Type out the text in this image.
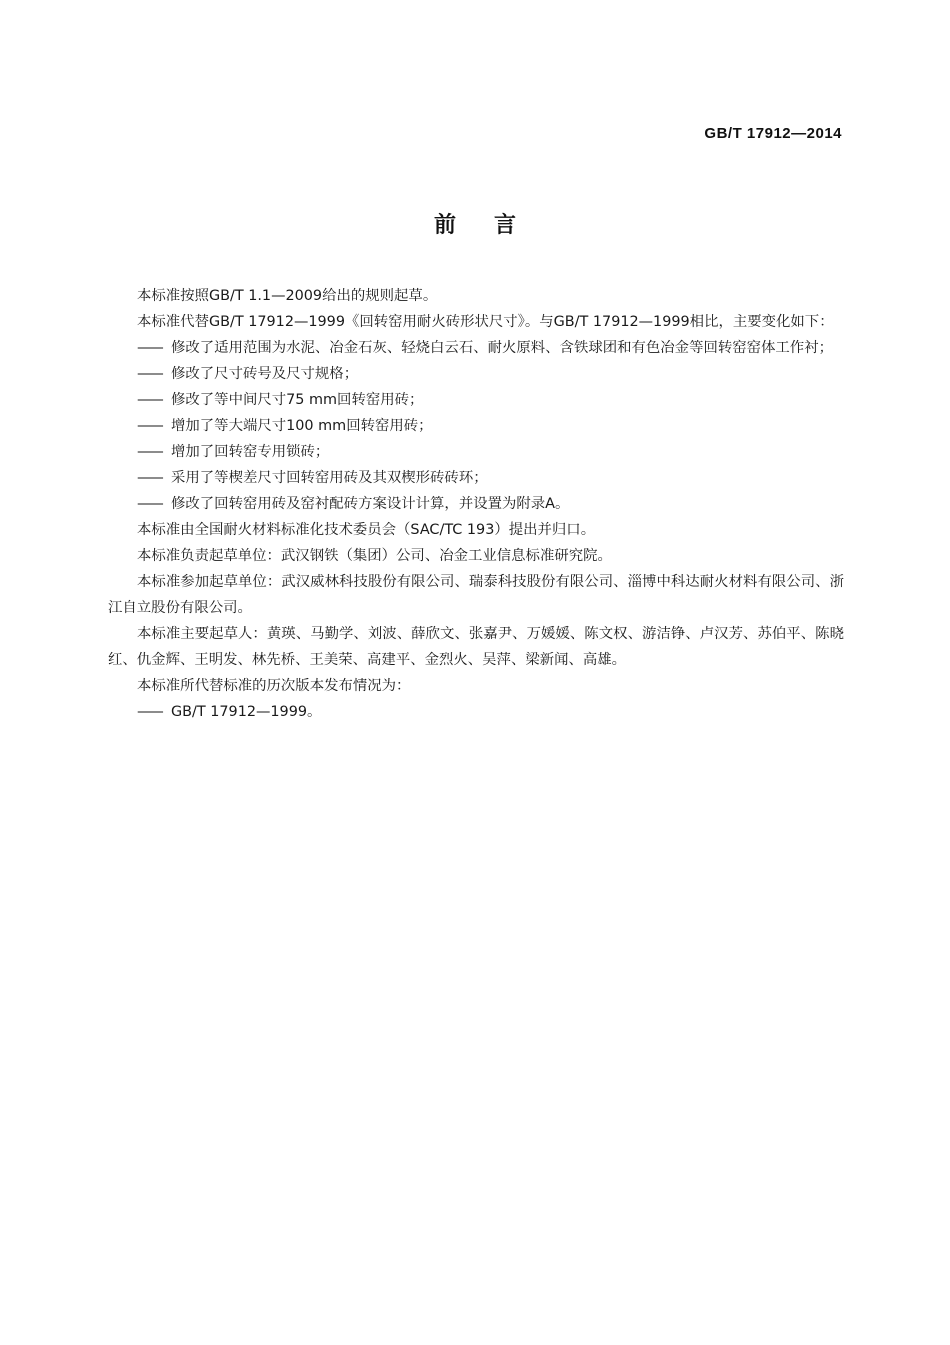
GB/T 17912—2014
前言

本标准按照GB/T 1.1—2009给出的规则起草。

本标准代替GB/T 17912—1999《回转窑用耐火砖形状尺寸》。与GB/T 17912—1999相比，主要变化如下：

—— 修改了适用范围为水泥、冶金石灰、轻烧白云石、耐火原料、含铁球团和有色冶金等回转窑窑体工作衬；

—— 修改了尺寸砖号及尺寸规格；

—— 修改了等中间尺寸75 mm回转窑用砖；

—— 增加了等大端尺寸100 mm回转窑用砖；

—— 增加了回转窑专用锁砖；

—— 采用了等楔差尺寸回转窑用砖及其双楔形砖砖环；

—— 修改了回转窑用砖及窑衬配砖方案设计计算，并设置为附录A。

本标准由全国耐火材料标准化技术委员会（SAC/TC 193）提出并归口。

本标准负责起草单位：武汉钢铁（集团）公司、冶金工业信息标准研究院。

本标准参加起草单位：武汉威林科技股份有限公司、瑞泰科技股份有限公司、淄博中科达耐火材料有限公司、浙江自立股份有限公司。

本标准主要起草人：黄瑛、马勤学、刘波、薛欣文、张嘉尹、万媛媛、陈文权、游洁铮、卢汉芳、苏伯平、陈晓红、仇金辉、王明发、林先桥、王美荣、高建平、金烈火、吴萍、梁新闻、高雄。

本标准所代替标准的历次版本发布情况为：

—— GB/T 17912—1999。
